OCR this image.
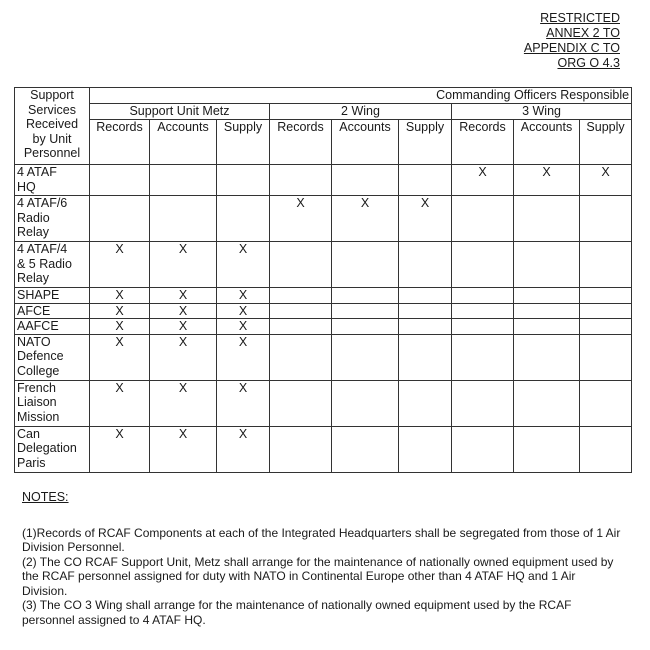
RESTRICTED
ANNEX 2 TO
APPENDIX C TO
ORG O 4.3
Support
Services
Received
by Unit
Personnel	Commanding Officers Responsible								
	Support Unit Metz			2 Wing			3 Wing		
	Records	Accounts	Supply	Records	Accounts	Supply	Records	Accounts	Supply

4 ATAF
HQ							X	X	X

4 ATAF/6
Radio
Relay				X	X	X			

4 ATAF/4
& 5 Radio
Relay	X	X	X						

SHAPE	X	X	X						

AFCE	X	X	X						

AAFCE	X	X	X						

NATO
Defence
College	X	X	X						

French
Liaison
Mission	X	X	X						

Can
Delegation
Paris	X	X	X						
NOTES:

(1)Records of RCAF Components at each of the Integrated Headquarters shall be segregated from those of 1 Air Division Personnel.

(2) The CO RCAF Support Unit, Metz shall arrange for the maintenance of nationally owned equipment used by the RCAF personnel assigned for duty with NATO in Continental Europe other than 4 ATAF HQ and 1 Air Division.

(3) The CO 3 Wing shall arrange for the maintenance of nationally owned equipment used by the RCAF personnel assigned to 4 ATAF HQ.
